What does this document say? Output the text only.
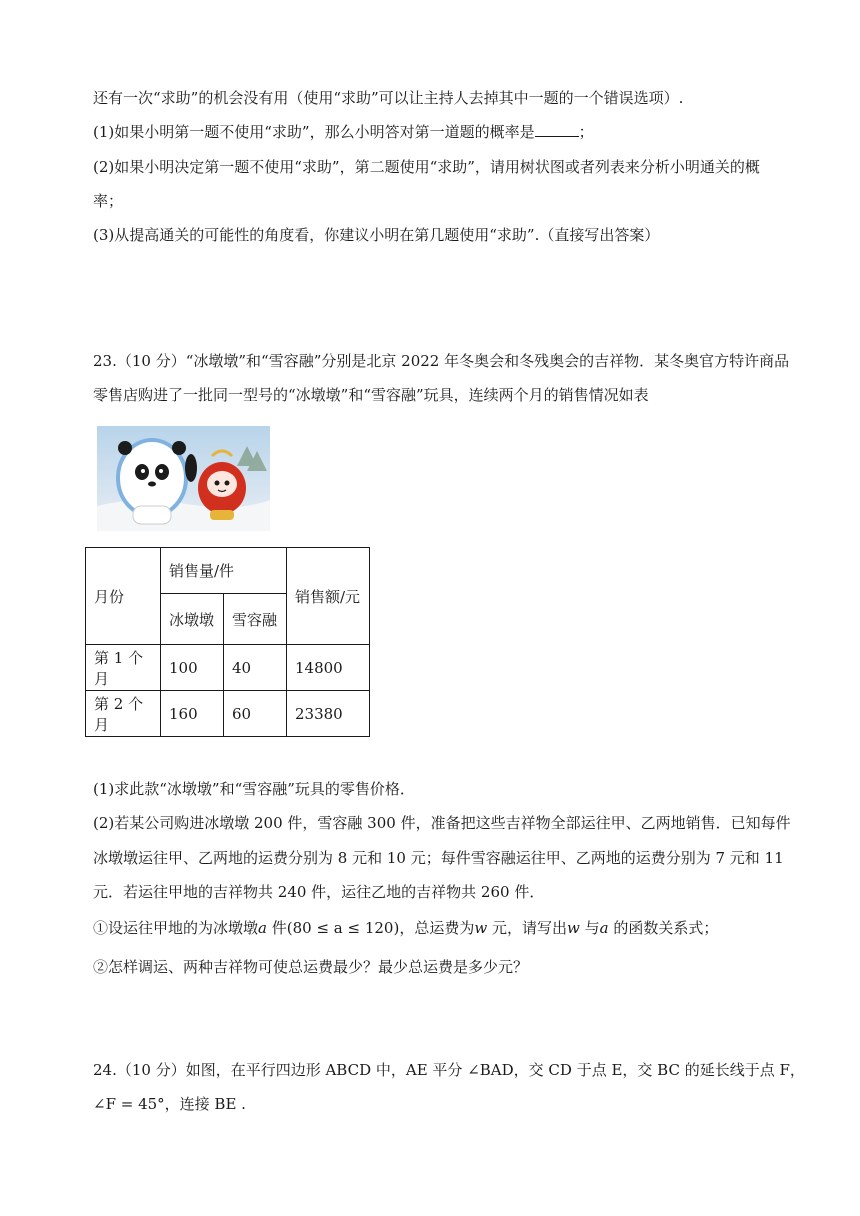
还有一次“求助”的机会没有用（使用“求助”可以让主持人去掉其中一题的一个错误选项）.
(1)如果小明第一题不使用“求助”，那么小明答对第一道题的概率是	；
(2)如果小明决定第一题不使用“求助”，第二题使用“求助”，请用树状图或者列表来分析小明通关的概
率；
(3)从提高通关的可能性的角度看，你建议小明在第几题使用“求助”.（直接写出答案）
23.（10 分）“冰墩墩”和“雪容融”分别是北京 2022 年冬奥会和冬残奥会的吉祥物．某冬奥官方特许商品
零售店购进了一批同一型号的“冰墩墩”和“雪容融”玩具，连续两个月的销售情况如表
月份	销售量/件		销售额/元
	冰墩墩	雪容融	
第 1 个月	100	40	14800
第 2 个月	160	60	23380
(1)求此款“冰墩墩”和“雪容融”玩具的零售价格．
(2)若某公司购进冰墩墩 200 件，雪容融 300 件，准备把这些吉祥物全部运往甲、乙两地销售．已知每件
冰墩墩运往甲、乙两地的运费分别为 8 元和 10 元；每件雪容融运往甲、乙两地的运费分别为 7 元和 11
元．若运往甲地的吉祥物共 240 件，运往乙地的吉祥物共 260 件．
①设运往甲地的为冰墩墩a 件(80 ≤ a ≤ 120)，总运费为w 元，请写出w 与a 的函数关系式；
②怎样调运、两种吉祥物可使总运费最少？最少总运费是多少元？
24.（10 分）如图，在平行四边形 ABCD 中，AE 平分 ∠BAD，交 CD 于点 E，交 BC 的延长线于点 F，
∠F = 45°，连接 BE .
